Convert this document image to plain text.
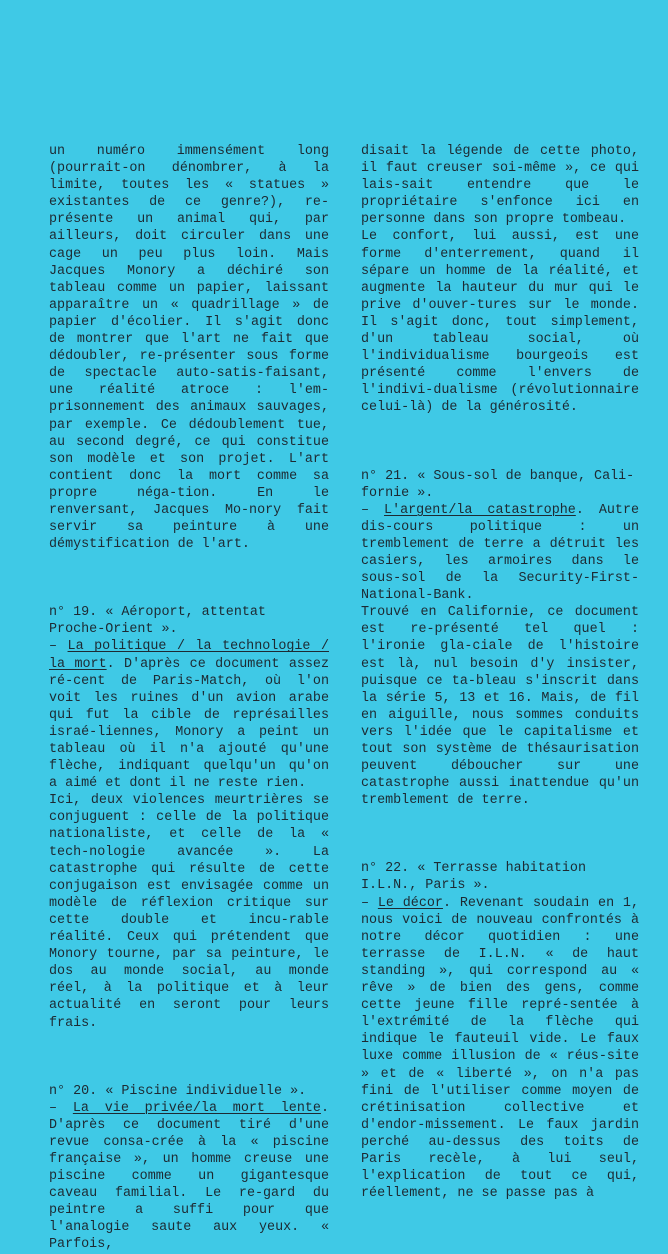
un numéro immensément long (pourrait-on dénombrer, à la limite, toutes les « statues » existantes de ce genre?), re-présente un animal qui, par ailleurs, doit circuler dans une cage un peu plus loin. Mais Jacques Monory a déchiré son tableau comme un papier, laissant apparaître un « quadrillage » de papier d'écolier. Il s'agit donc de montrer que l'art ne fait que dédoubler, re-présenter sous forme de spectacle auto-satis-faisant, une réalité atroce : l'em-prisonnement des animaux sauvages, par exemple. Ce dédoublement tue, au second degré, ce qui constitue son modèle et son projet. L'art contient donc la mort comme sa propre néga-tion. En le renversant, Jacques Mo-nory fait servir sa peinture à une démystification de l'art.

n° 19. « Aéroport, attentat Proche-Orient ».

– La politique / la technologie / la mort. D'après ce document assez ré-cent de Paris-Match, où l'on voit les ruines d'un avion arabe qui fut la cible de représailles israé-liennes, Monory a peint un tableau où il n'a ajouté qu'une flèche, indiquant quelqu'un qu'on a aimé et dont il ne reste rien.

Ici, deux violences meurtrières se conjuguent : celle de la politique nationaliste, et celle de la « tech-nologie avancée ». La catastrophe qui résulte de cette conjugaison est envisagée comme un modèle de réflexion critique sur cette double et incu-rable réalité. Ceux qui prétendent que Monory tourne, par sa peinture, le dos au monde social, au monde réel, à la politique et à leur actualité en seront pour leurs frais.

n° 20. « Piscine individuelle ».

– La vie privée/la mort lente. D'après ce document tiré d'une revue consa-crée à la « piscine française », un homme creuse une piscine comme un gigantesque caveau familial. Le re-gard du peintre a suffi pour que l'analogie saute aux yeux. « Parfois,

disait la légende de cette photo, il faut creuser soi-même », ce qui lais-sait entendre que le propriétaire s'enfonce ici en personne dans son propre tombeau.

Le confort, lui aussi, est une forme d'enterrement, quand il sépare un homme de la réalité, et augmente la hauteur du mur qui le prive d'ouver-tures sur le monde. Il s'agit donc, tout simplement, d'un tableau social, où l'individualisme bourgeois est présenté comme l'envers de l'indivi-dualisme (révolutionnaire celui-là) de la générosité.

n° 21. « Sous-sol de banque, Cali-fornie ».

– L'argent/la catastrophe. Autre dis-cours politique : un tremblement de terre a détruit les casiers, les armoires dans le sous-sol de la Security-First-National-Bank.

Trouvé en Californie, ce document est re-présenté tel quel : l'ironie gla-ciale de l'histoire est là, nul besoin d'y insister, puisque ce ta-bleau s'inscrit dans la série 5, 13 et 16. Mais, de fil en aiguille, nous sommes conduits vers l'idée que le capitalisme et tout son système de thésaurisation peuvent déboucher sur une catastrophe aussi inattendue qu'un tremblement de terre.

n° 22. « Terrasse habitation I.L.N., Paris ».

– Le décor. Revenant soudain en 1, nous voici de nouveau confrontés à notre décor quotidien : une terrasse de I.L.N. « de haut standing », qui correspond au « rêve » de bien des gens, comme cette jeune fille repré-sentée à l'extrémité de la flèche qui indique le fauteuil vide. Le faux luxe comme illusion de « réus-site » et de « liberté », on n'a pas fini de l'utiliser comme moyen de crétinisation collective et d'endor-missement. Le faux jardin perché au-dessus des toits de Paris recèle, à lui seul, l'explication de tout ce qui, réellement, ne se passe pas à
